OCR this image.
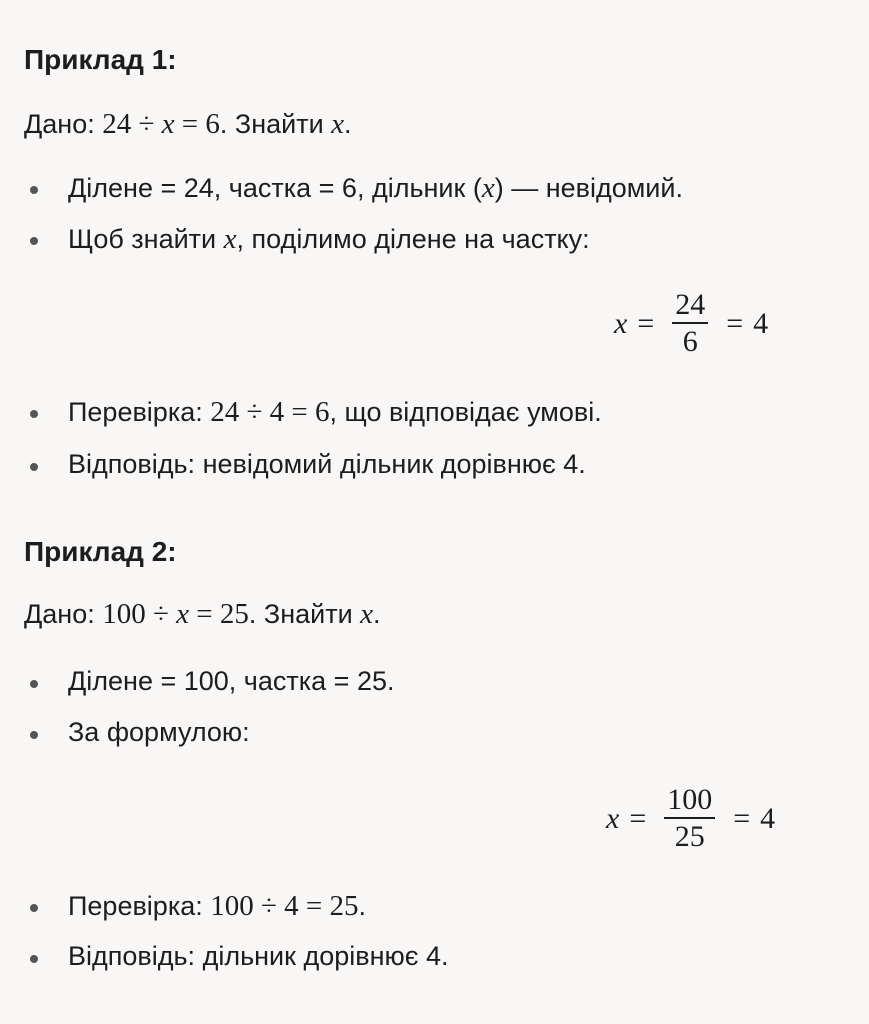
Приклад 1:
Дано: 24 ÷ x = 6. Знайти x.
Ділене = 24, частка = 6, дільник (x) — невідомий.
Щоб знайти x, поділимо ділене на частку:
$x = \frac{24}{6} = 4$
Перевірка: 24 ÷ 4 = 6, що відповідає умові.
Відповідь: невідомий дільник дорівнює 4.
Приклад 2:
Дано: 100 ÷ x = 25. Знайти x.
Ділене = 100, частка = 25.
За формулою:
$x = \frac{100}{25} = 4$
Перевірка: 100 ÷ 4 = 25.
Відповідь: дільник дорівнює 4.
